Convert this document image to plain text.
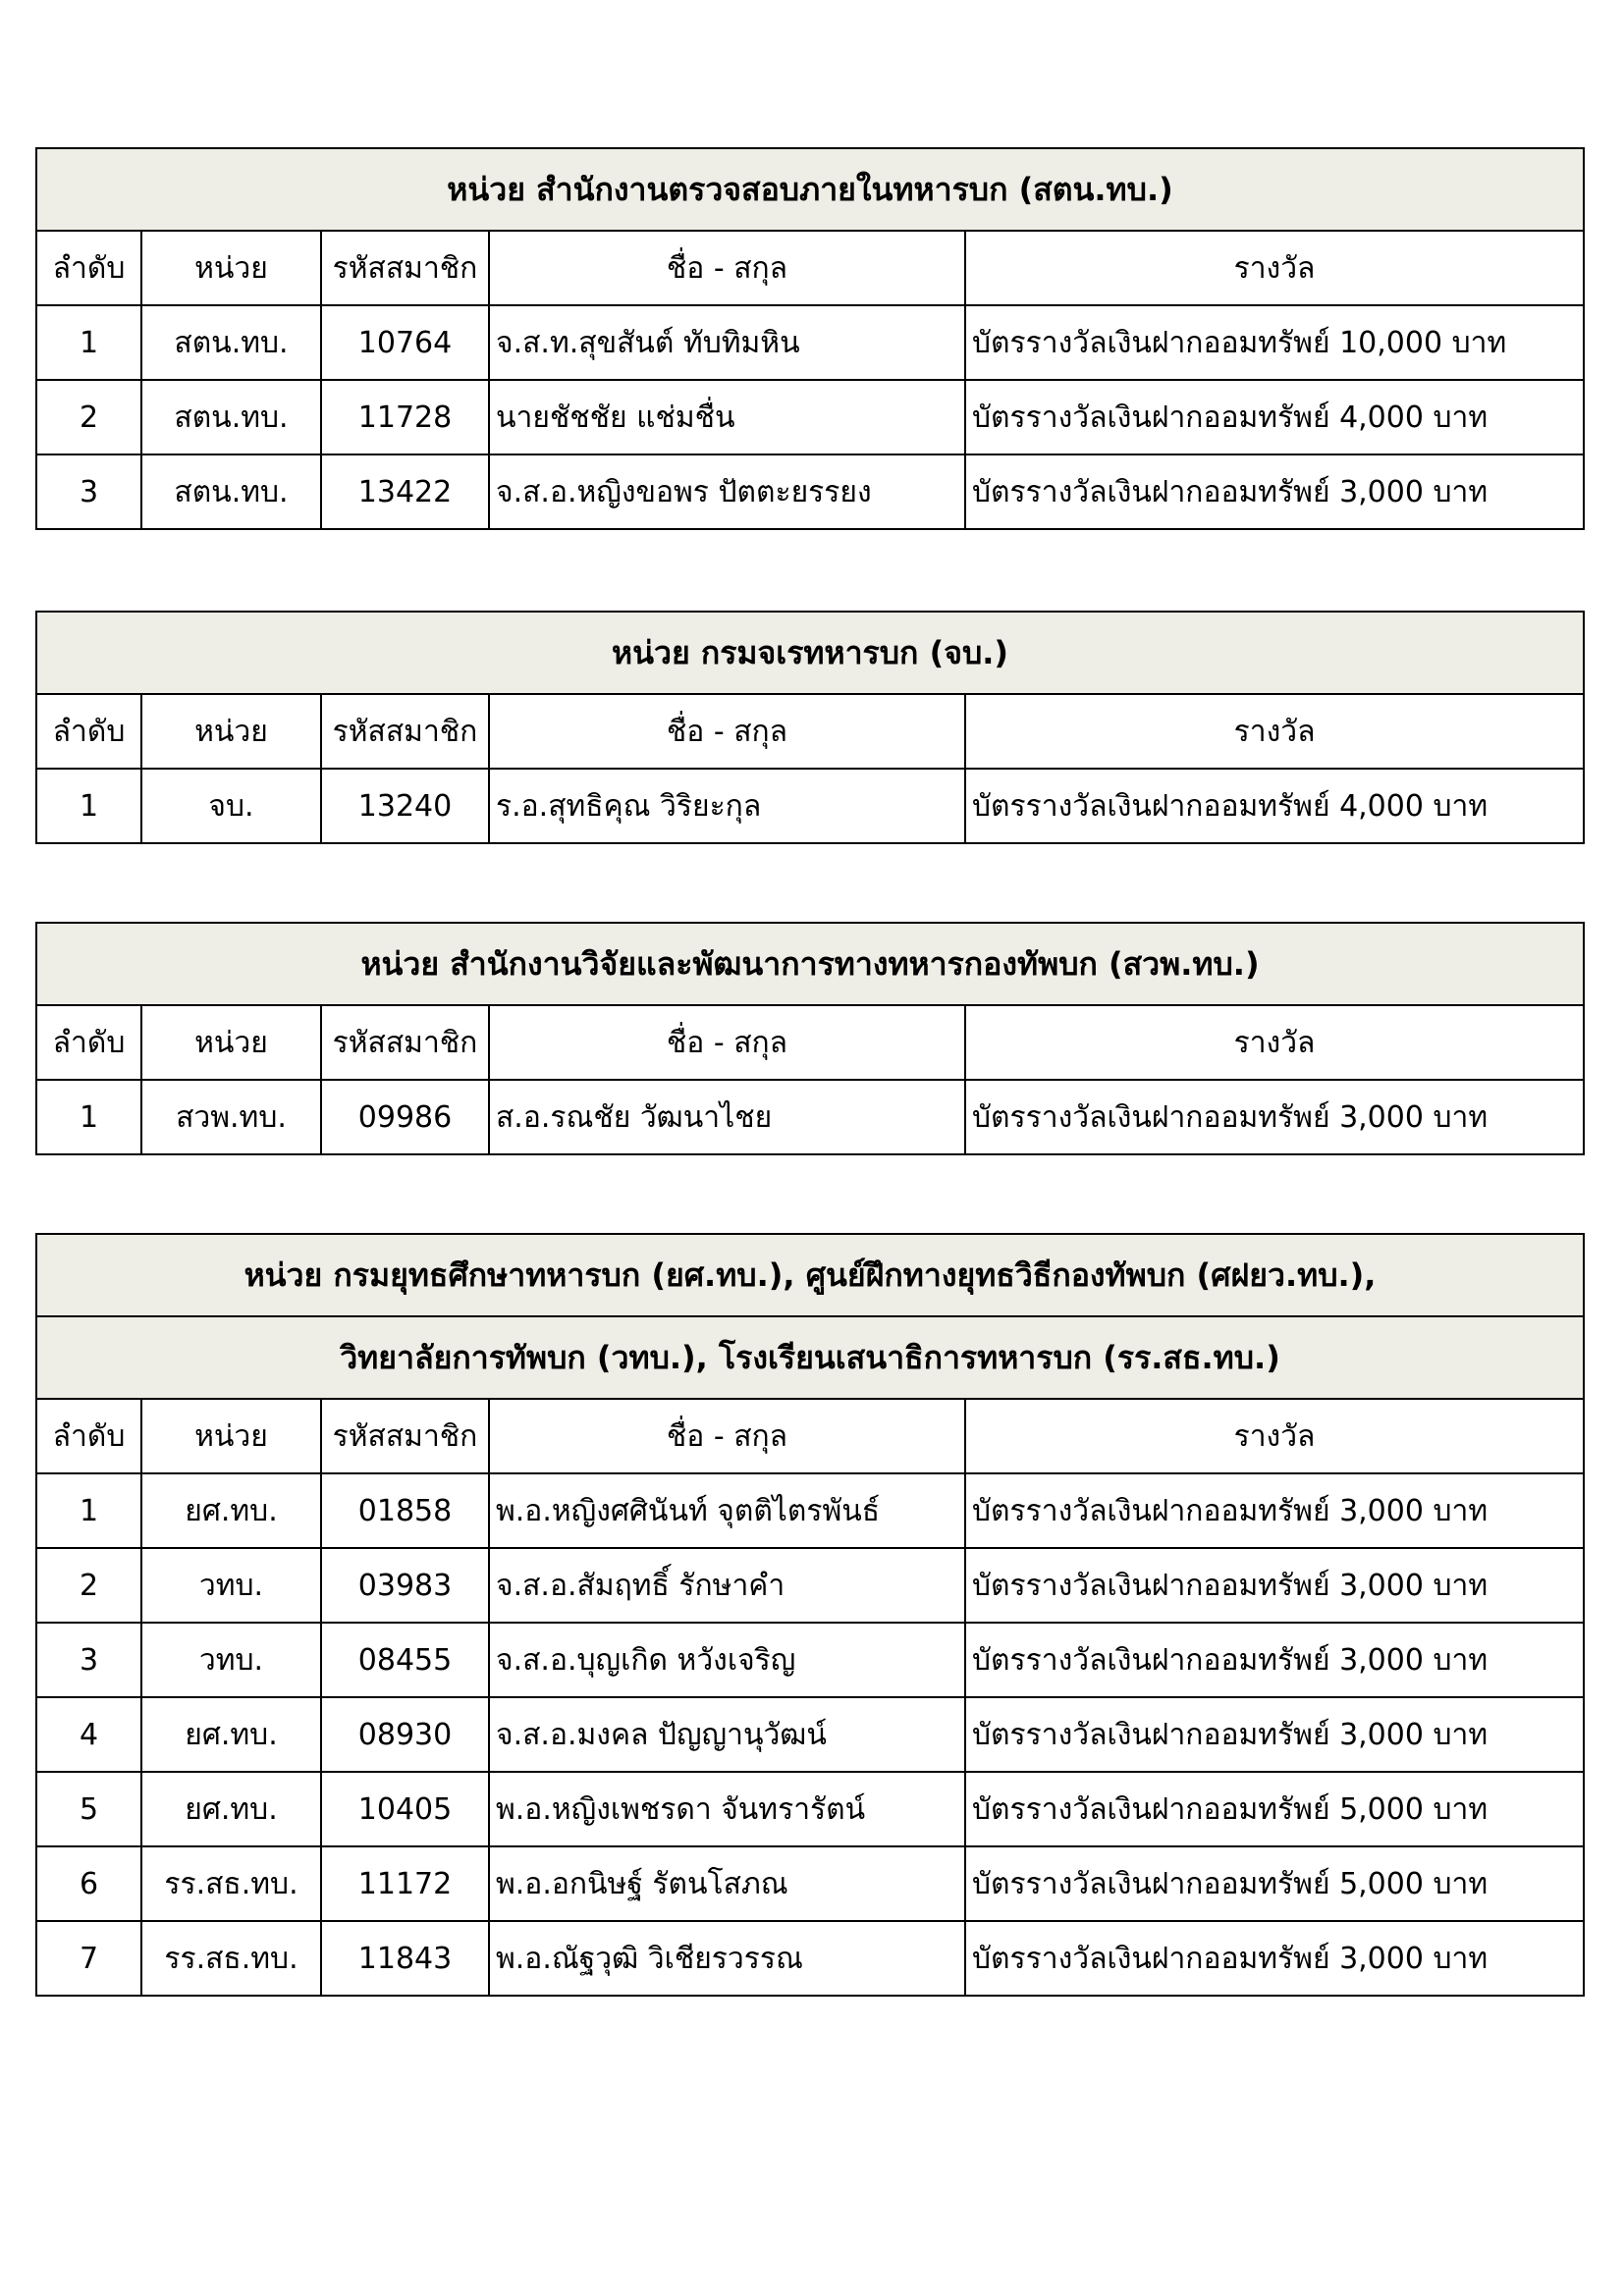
หน่วย สำนักงานตรวจสอบภายในทหารบก (สตน.ทบ.)				
ลำดับ	หน่วย	รหัสสมาชิก	ชื่อ - สกุล	รางวัล
1	สตน.ทบ.	10764	จ.ส.ท.สุขสันต์ ทับทิมหิน	บัตรรางวัลเงินฝากออมทรัพย์ 10,000 บาท
2	สตน.ทบ.	11728	นายชัชชัย แช่มชื่น	บัตรรางวัลเงินฝากออมทรัพย์ 4,000 บาท
3	สตน.ทบ.	13422	จ.ส.อ.หญิงขอพร ปัตตะยรรยง	บัตรรางวัลเงินฝากออมทรัพย์ 3,000 บาท
หน่วย กรมจเรทหารบก (จบ.)				
ลำดับ	หน่วย	รหัสสมาชิก	ชื่อ - สกุล	รางวัล
1	จบ.	13240	ร.อ.สุทธิคุณ วิริยะกุล	บัตรรางวัลเงินฝากออมทรัพย์ 4,000 บาท
หน่วย สำนักงานวิจัยและพัฒนาการทางทหารกองทัพบก (สวพ.ทบ.)				
ลำดับ	หน่วย	รหัสสมาชิก	ชื่อ - สกุล	รางวัล
1	สวพ.ทบ.	09986	ส.อ.รณชัย วัฒนาไชย	บัตรรางวัลเงินฝากออมทรัพย์ 3,000 บาท
หน่วย กรมยุทธศึกษาทหารบก (ยศ.ทบ.), ศูนย์ฝึกทางยุทธวิธีกองทัพบก (ศฝยว.ทบ.),				
วิทยาลัยการทัพบก (วทบ.), โรงเรียนเสนาธิการทหารบก (รร.สธ.ทบ.)				
ลำดับ	หน่วย	รหัสสมาชิก	ชื่อ - สกุล	รางวัล
1	ยศ.ทบ.	01858	พ.อ.หญิงศศินันท์ จุตติไตรพันธ์	บัตรรางวัลเงินฝากออมทรัพย์ 3,000 บาท
2	วทบ.	03983	จ.ส.อ.สัมฤทธิ์ รักษาคำ	บัตรรางวัลเงินฝากออมทรัพย์ 3,000 บาท
3	วทบ.	08455	จ.ส.อ.บุญเกิด หวังเจริญ	บัตรรางวัลเงินฝากออมทรัพย์ 3,000 บาท
4	ยศ.ทบ.	08930	จ.ส.อ.มงคล ปัญญานุวัฒน์	บัตรรางวัลเงินฝากออมทรัพย์ 3,000 บาท
5	ยศ.ทบ.	10405	พ.อ.หญิงเพชรดา จันทรารัตน์	บัตรรางวัลเงินฝากออมทรัพย์ 5,000 บาท
6	รร.สธ.ทบ.	11172	พ.อ.อกนิษฐ์ รัตนโสภณ	บัตรรางวัลเงินฝากออมทรัพย์ 5,000 บาท
7	รร.สธ.ทบ.	11843	พ.อ.ณัฐวุฒิ วิเชียรวรรณ	บัตรรางวัลเงินฝากออมทรัพย์ 3,000 บาท
